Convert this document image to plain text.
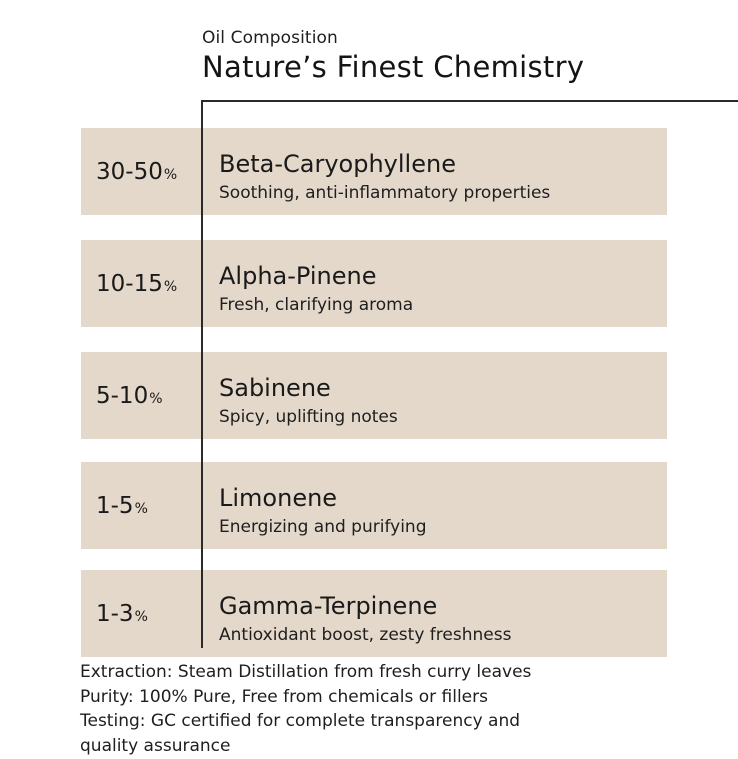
Oil Composition
Nature’s Finest Chemistry
30-50 % Beta-Caryophyllene
Soothing, anti-inflammatory properties
10-15 % Alpha-Pinene
Fresh, clarifying aroma
5-10 % Sabinene
Spicy, uplifting notes
1-5 %	Limonene
Energizing and purifying
1-3 %	Gamma-Terpinene
Antioxidant boost, zesty freshness
Extraction: Steam Distillation from fresh curry leaves
Purity: 100% Pure, Free from chemicals or fillers
Testing: GC certified for complete transparency and
quality assurance
